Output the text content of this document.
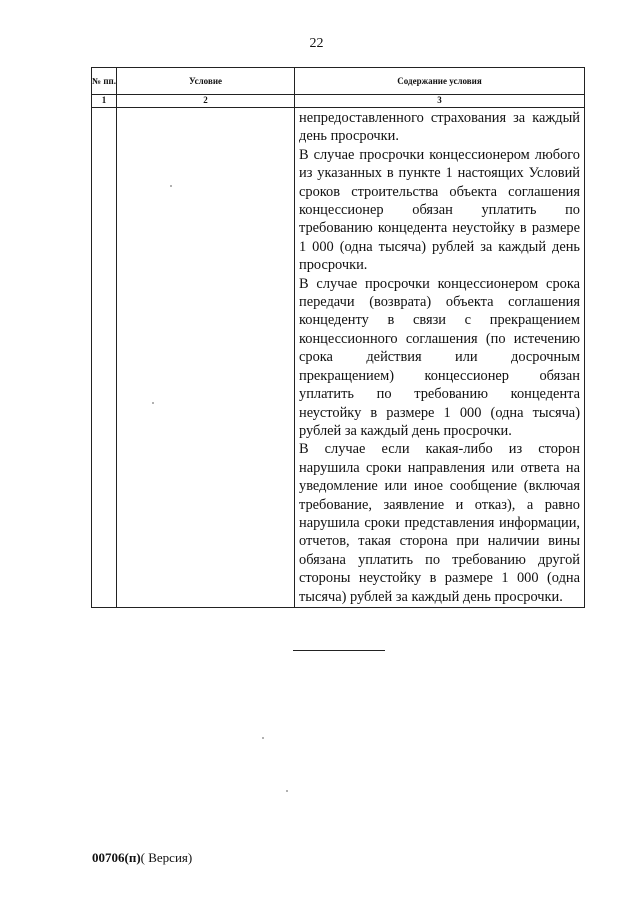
22
№ пп.	Условие	Содержание условия
1	2	3

		непредоставленного страхования за каждый день просрочки.

В случае просрочки концессионером любого из указанных в пункте 1 настоящих Условий сроков строительства объекта соглашения концессионер обязан уплатить по требованию концедента неустойку в размере 1 000 (одна тысяча) рублей за каждый день просрочки.

В случае просрочки концессионером срока передачи (возврата) объекта соглашения концеденту в связи с прекращением концессионного соглашения (по истечению срока действия или досрочным прекращением) концессионер обязан уплатить по требованию концедента неустойку в размере 1 000 (одна тысяча) рублей за каждый день просрочки.

В случае если какая-либо из сторон нарушила сроки направления или ответа на уведомление или иное сообщение (включая требование, заявление и отказ), а равно нарушила сроки представления информации, отчетов, такая сторона при наличии вины обязана уплатить по требованию другой стороны неустойку в размере 1 000 (одна тысяча) рублей за каждый день просрочки.

00706(п)( Версия)
